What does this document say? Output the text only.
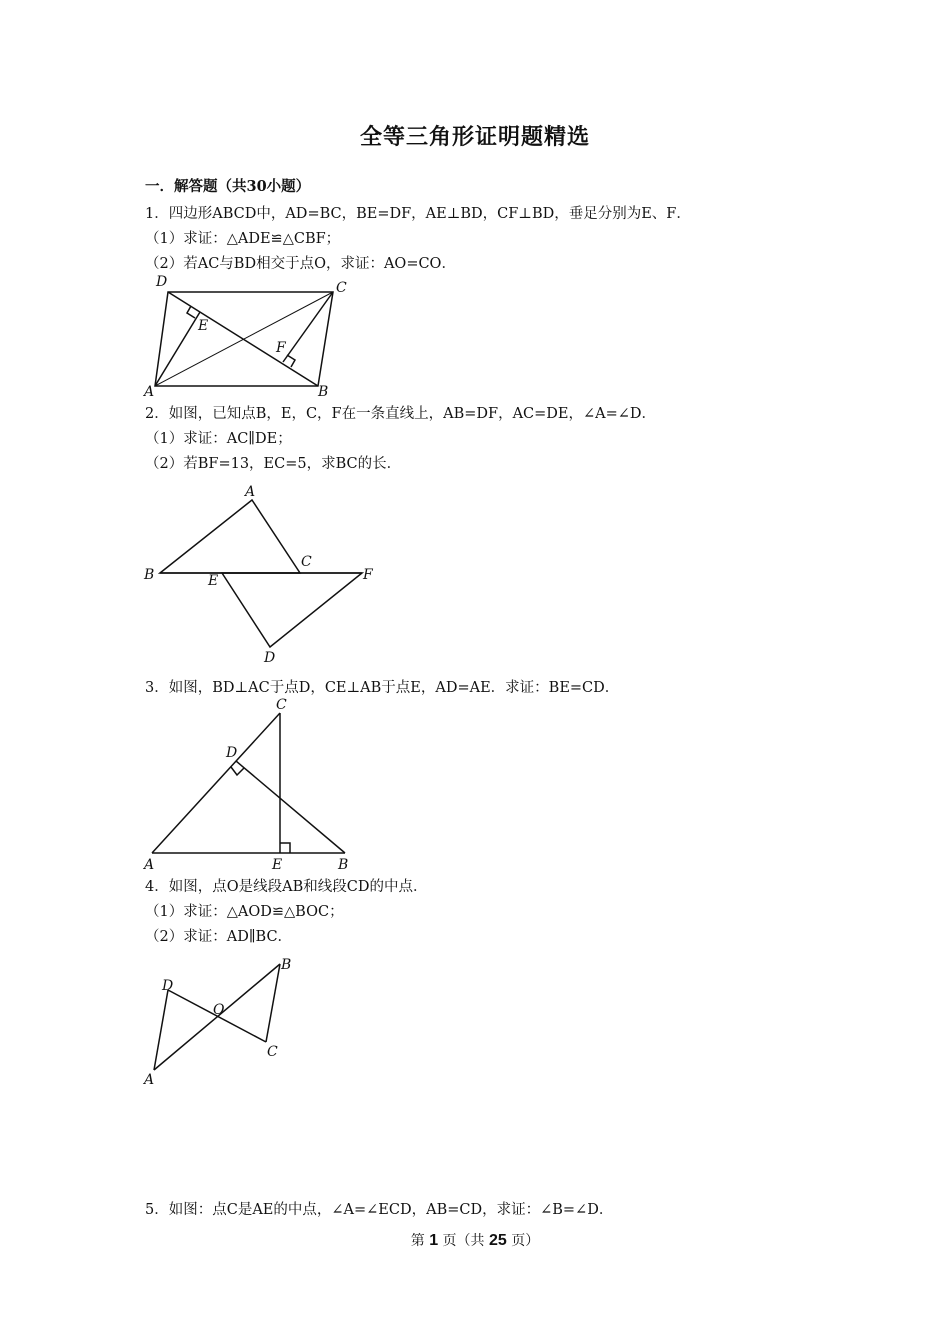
全等三角形证明题精选
一．解答题（共30小题）
1．四边形ABCD中，AD=BC，BE=DF，AE⊥BD，CF⊥BD，垂足分别为E、F．
（1）求证：△ADE≌△CBF；
（2）若AC与BD相交于点O，求证：AO=CO．
D	C
E
F
A	B
2．如图，已知点B，E，C，F在一条直线上，AB=DF，AC=DE，∠A=∠D．
（1）求证：AC∥DE；
（2）若BF=13，EC=5，求BC的长．
A
B
C
E	F
D
3．如图，BD⊥AC于点D，CE⊥AB于点E，AD=AE．求证：BE=CD．
C
D
A	E	B
4．如图，点O是线段AB和线段CD的中点．
（1）求证：△AOD≌△BOC；
（2）求证：AD∥BC．
B
D
O
C
A
5．如图：点C是AE的中点，∠A=∠ECD，AB=CD，求证：∠B=∠D．
第 1 页（共 25 页）
